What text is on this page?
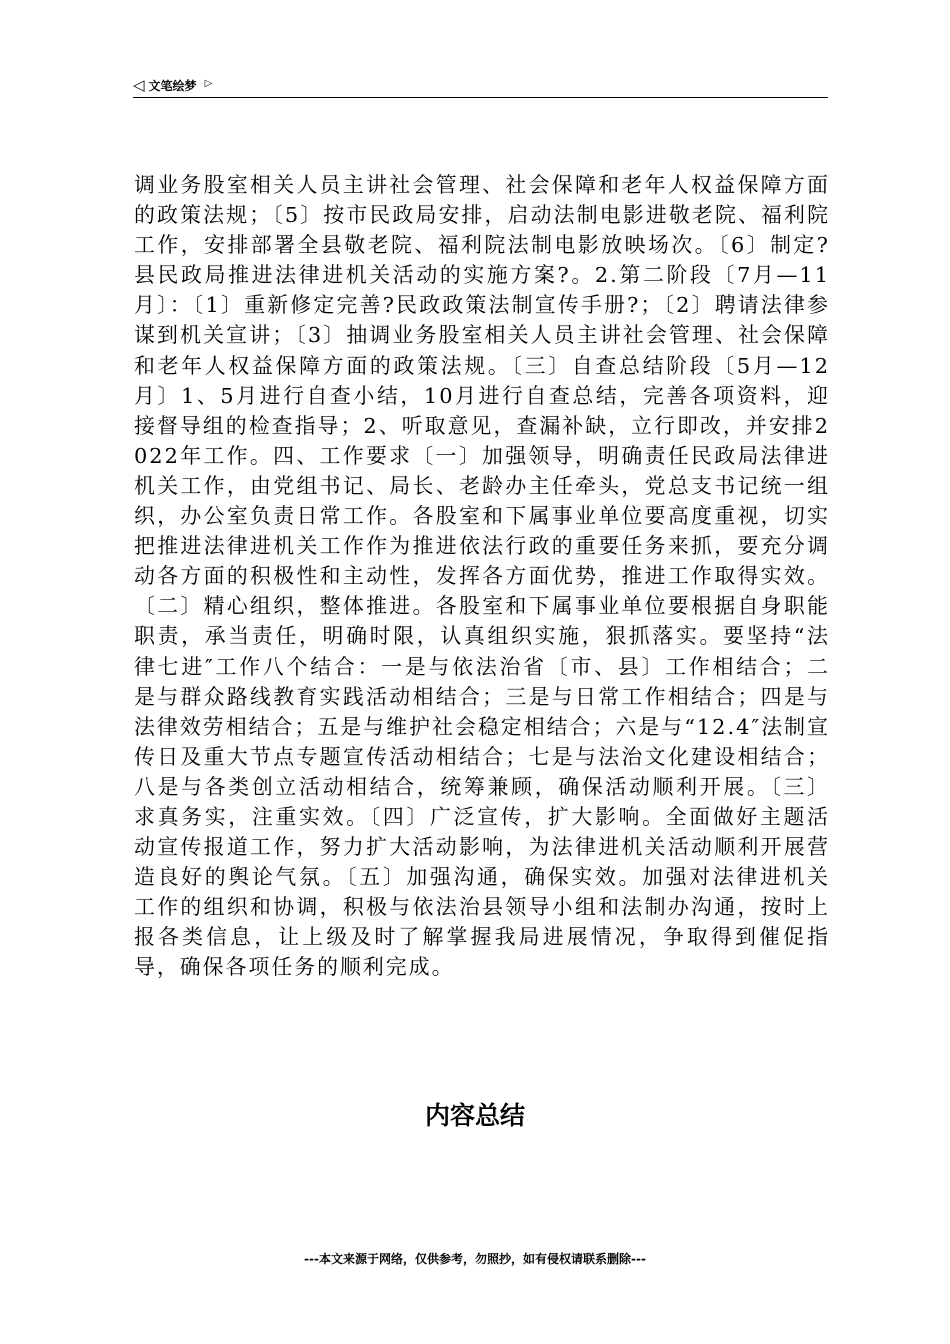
◁ 文笔绘梦 ▷

调业务股室相关人员主讲社会管理、社会保障和老年人权益保障方面的政策法规；〔5〕按市民政局安排，启动法制电影进敬老院、福利院工作，安排部署全县敬老院、福利院法制电影放映场次。〔6〕制定?县民政局推进法律进机关活动的实施方案?。2.第二阶段〔7月—11月〕：〔1〕重新修定完善?民政政策法制宣传手册?；〔2〕聘请法律参谋到机关宣讲；〔3〕抽调业务股室相关人员主讲社会管理、社会保障和老年人权益保障方面的政策法规。〔三〕自查总结阶段〔5月—12月〕1、5月进行自查小结，10月进行自查总结，完善各项资料，迎接督导组的检查指导；2、听取意见，查漏补缺，立行即改，并安排2022年工作。四、工作要求〔一〕加强领导，明确责任民政局法律进机关工作，由党组书记、局长、老龄办主任牵头，党总支书记统一组织，办公室负责日常工作。各股室和下属事业单位要高度重视，切实把推进法律进机关工作作为推进依法行政的重要任务来抓，要充分调动各方面的积极性和主动性，发挥各方面优势，推进工作取得实效。〔二〕精心组织，整体推进。各股室和下属事业单位要根据自身职能职责，承当责任，明确时限，认真组织实施，狠抓落实。要坚持“法律七进″工作八个结合：一是与依法治省〔市、县〕工作相结合；二是与群众路线教育实践活动相结合；三是与日常工作相结合；四是与法律效劳相结合；五是与维护社会稳定相结合；六是与“12.4″法制宣传日及重大节点专题宣传活动相结合；七是与法治文化建设相结合；八是与各类创立活动相结合，统筹兼顾，确保活动顺利开展。〔三〕求真务实，注重实效。〔四〕广泛宣传，扩大影响。全面做好主题活动宣传报道工作，努力扩大活动影响，为法律进机关活动顺利开展营造良好的舆论气氛。〔五〕加强沟通，确保实效。加强对法律进机关工作的组织和协调，积极与依法治县领导小组和法制办沟通，按时上报各类信息，让上级及时了解掌握我局进展情况，争取得到催促指导，确保各项任务的顺利完成。

内容总结
---本文来源于网络，仅供参考，勿照抄，如有侵权请联系删除---
